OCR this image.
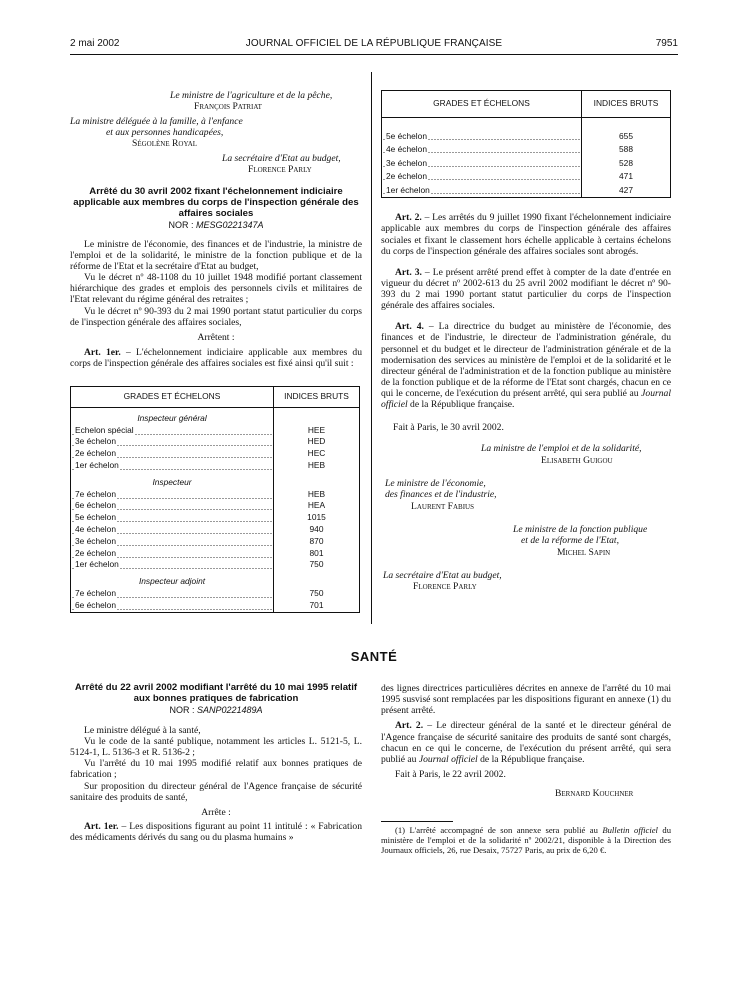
2 mai 2002	JOURNAL OFFICIEL DE LA RÉPUBLIQUE FRANÇAISE	7951

Le ministre de l'agriculture et de la pêche,

François Patriat

La ministre déléguée à la famille, à l'enfance

et aux personnes handicapées,

Ségolène Royal

La secrétaire d'Etat au budget,

Florence Parly

Arrêté du 30 avril 2002 fixant l'échelonnement indiciaire applicable aux membres du corps de l'inspection générale des affaires sociales

NOR : MESG0221347A

Le ministre de l'économie, des finances et de l'industrie, la ministre de l'emploi et de la solidarité, le ministre de la fonction publique et de la réforme de l'Etat et la secrétaire d'Etat au budget,

Vu le décret nº 48-1108 du 10 juillet 1948 modifié portant classement hiérarchique des grades et emplois des personnels civils et militaires de l'Etat relevant du régime général des retraites ;

Vu le décret nº 90-393 du 2 mai 1990 portant statut particulier du corps de l'inspection générale des affaires sociales,

Arrêtent :

Art. 1er. – L'échelonnement indiciaire applicable aux membres du corps de l'inspection générale des affaires sociales est fixé ainsi qu'il suit :

GRADES ET ÉCHELONS	INDICES BRUTS

Inspecteur général	
Echelon spécial	HEE
3e échelon	HED
2e échelon	HEC
1er échelon	HEB

Inspecteur	
7e échelon	HEB
6e échelon	HEA
5e échelon	1015
4e échelon	940
3e échelon	870
2e échelon	801
1er échelon	750

Inspecteur adjoint	
7e échelon	750
6e échelon	701
GRADES ET ÉCHELONS	INDICES BRUTS

5e échelon	655
4e échelon	588
3e échelon	528
2e échelon	471
1er échelon	427

Art. 2. – Les arrêtés du 9 juillet 1990 fixant l'échelonnement indiciaire applicable aux membres du corps de l'inspection générale des affaires sociales et fixant le classement hors échelle applicable à certains échelons du corps de l'inspection générale des affaires sociales sont abrogés.

Art. 3. – Le présent arrêté prend effet à compter de la date d'entrée en vigueur du décret nº 2002-613 du 25 avril 2002 modifiant le décret nº 90-393 du 2 mai 1990 portant statut particulier du corps de l'inspection générale des affaires sociales.

Art. 4. – La directrice du budget au ministère de l'économie, des finances et de l'industrie, le directeur de l'administration générale, du personnel et du budget et le directeur de l'administration générale et de la modernisation des services au ministère de l'emploi et de la solidarité et le directeur général de l'administration et de la fonction publique au ministère de la fonction publique et de la réforme de l'Etat sont chargés, chacun en ce qui le concerne, de l'exécution du présent arrêté, qui sera publié au Journal officiel de la République française.

Fait à Paris, le 30 avril 2002.

La ministre de l'emploi et de la solidarité,

Elisabeth Guigou

Le ministre de l'économie,

des finances et de l'industrie,

Laurent Fabius

Le ministre de la fonction publique

et de la réforme de l'Etat,

Michel Sapin

La secrétaire d'Etat au budget,

Florence Parly

SANTÉ

Arrêté du 22 avril 2002 modifiant l'arrêté du 10 mai 1995 relatif aux bonnes pratiques de fabrication

NOR : SANP0221489A

Le ministre délégué à la santé,

Vu le code de la santé publique, notamment les articles L. 5121-5, L. 5124-1, L. 5136-3 et R. 5136-2 ;

Vu l'arrêté du 10 mai 1995 modifié relatif aux bonnes pratiques de fabrication ;

Sur proposition du directeur général de l'Agence française de sécurité sanitaire des produits de santé,

Arrête :

Art. 1er. – Les dispositions figurant au point 11 intitulé : « Fabrication des médicaments dérivés du sang ou du plasma humains »

des lignes directrices particulières décrites en annexe de l'arrêté du 10 mai 1995 susvisé sont remplacées par les dispositions figurant en annexe (1) du présent arrêté.

Art. 2. – Le directeur général de la santé et le directeur général de l'Agence française de sécurité sanitaire des produits de santé sont chargés, chacun en ce qui le concerne, de l'exécution du présent arrêté, qui sera publié au Journal officiel de la République française.

Fait à Paris, le 22 avril 2002.

Bernard Kouchner

(1) L'arrêté accompagné de son annexe sera publié au Bulletin officiel du ministère de l'emploi et de la solidarité nº 2002/21, disponible à la Direction des Journaux officiels, 26, rue Desaix, 75727 Paris, au prix de 6,20 €.
